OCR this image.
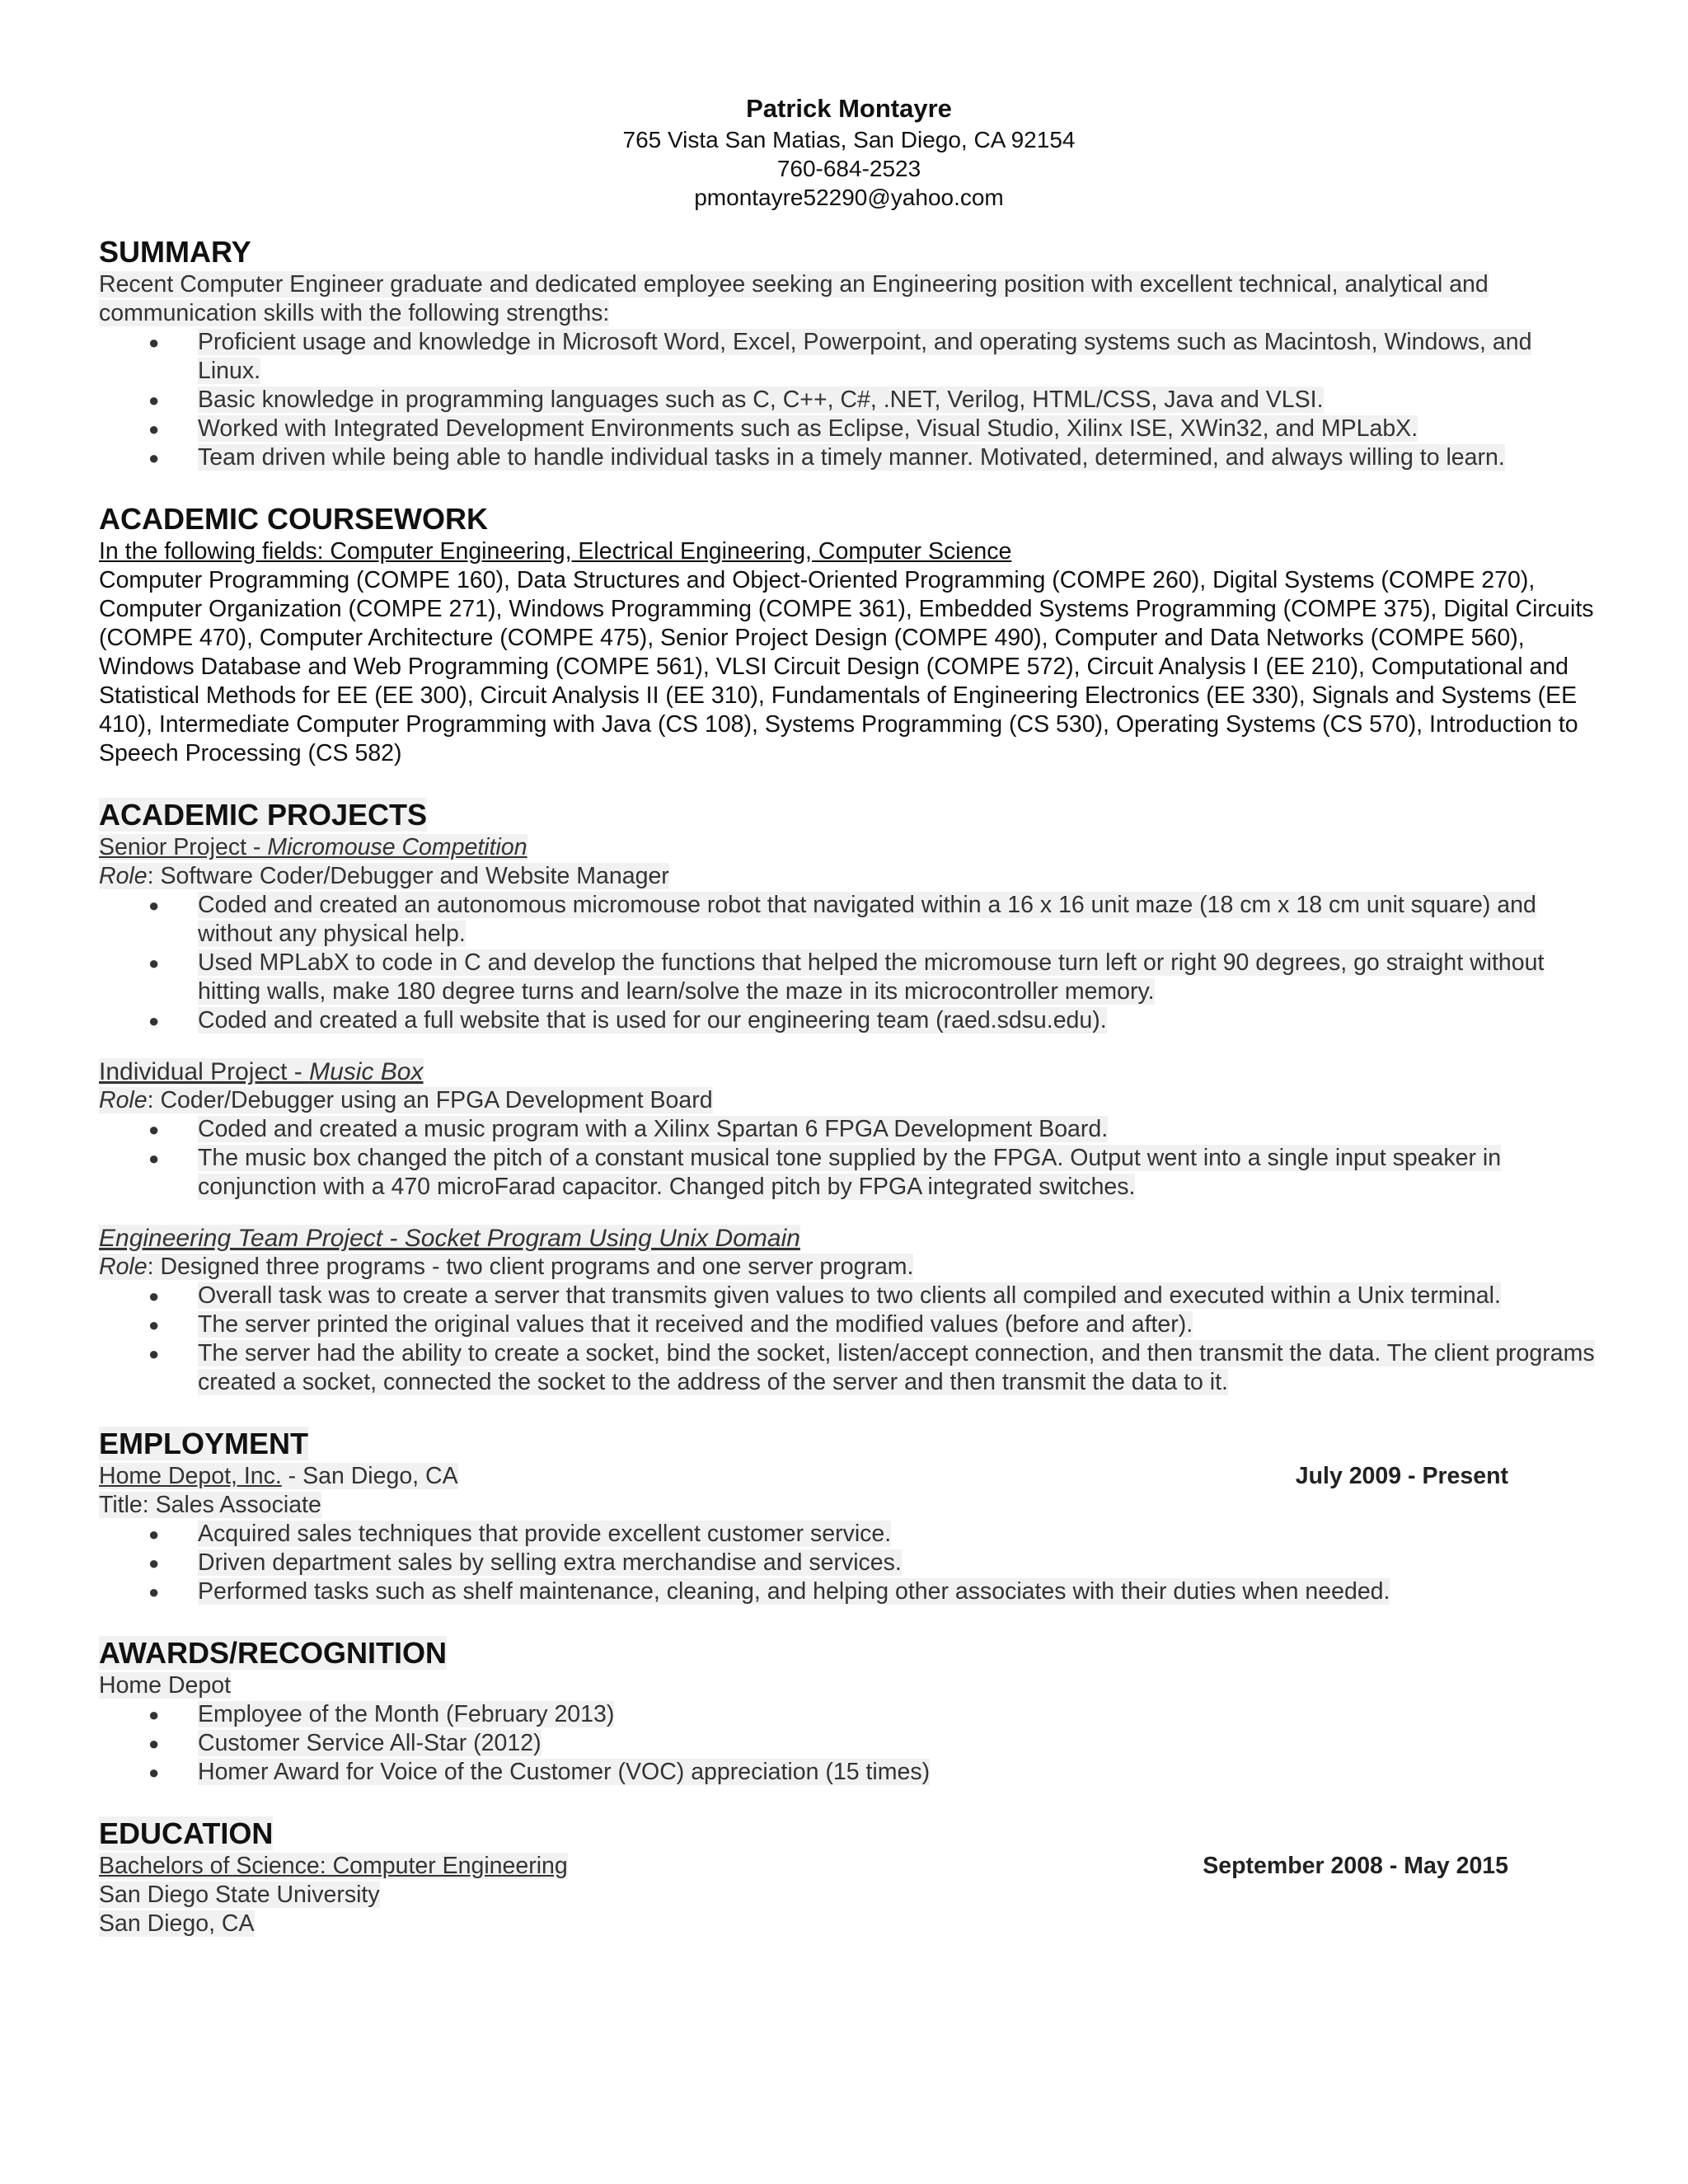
Patrick Montayre
765 Vista San Matias, San Diego, CA 92154
760-684-2523
pmontayre52290@yahoo.com
SUMMARY
Recent Computer Engineer graduate and dedicated employee seeking an Engineering position with excellent technical, analytical and communication skills with the following strengths:
● Proficient usage and knowledge in Microsoft Word, Excel, Powerpoint, and operating systems such as Macintosh, Windows, and Linux.
● Basic knowledge in programming languages such as C, C++, C#, .NET, Verilog, HTML/CSS, Java and VLSI.
● Worked with Integrated Development Environments such as Eclipse, Visual Studio, Xilinx ISE, XWin32, and MPLabX.
● Team driven while being able to handle individual tasks in a timely manner. Motivated, determined, and always willing to learn.
ACADEMIC COURSEWORK
In the following fields: Computer Engineering, Electrical Engineering, Computer Science
Computer Programming (COMPE 160), Data Structures and Object-Oriented Programming (COMPE 260), Digital Systems (COMPE 270), Computer Organization (COMPE 271), Windows Programming (COMPE 361), Embedded Systems Programming (COMPE 375), Digital Circuits (COMPE 470), Computer Architecture (COMPE 475), Senior Project Design (COMPE 490), Computer and Data Networks (COMPE 560), Windows Database and Web Programming (COMPE 561), VLSI Circuit Design (COMPE 572), Circuit Analysis I (EE 210), Computational and Statistical Methods for EE (EE 300), Circuit Analysis II (EE 310), Fundamentals of Engineering Electronics (EE 330), Signals and Systems (EE 410), Intermediate Computer Programming with Java (CS 108), Systems Programming (CS 530), Operating Systems (CS 570), Introduction to Speech Processing (CS 582)
ACADEMIC PROJECTS
Senior Project - Micromouse Competition
Role: Software Coder/Debugger and Website Manager
● Coded and created an autonomous micromouse robot that navigated within a 16 x 16 unit maze (18 cm x 18 cm unit square) and without any physical help.
● Used MPLabX to code in C and develop the functions that helped the micromouse turn left or right 90 degrees, go straight without hitting walls, make 180 degree turns and learn/solve the maze in its microcontroller memory.
● Coded and created a full website that is used for our engineering team (raed.sdsu.edu).
Individual Project - Music Box
Role: Coder/Debugger using an FPGA Development Board
● Coded and created a music program with a Xilinx Spartan 6 FPGA Development Board.
● The music box changed the pitch of a constant musical tone supplied by the FPGA. Output went into a single input speaker in conjunction with a 470 microFarad capacitor. Changed pitch by FPGA integrated switches.
Engineering Team Project - Socket Program Using Unix Domain
Role: Designed three programs - two client programs and one server program.
● Overall task was to create a server that transmits given values to two clients all compiled and executed within a Unix terminal.
● The server printed the original values that it received and the modified values (before and after).
● The server had the ability to create a socket, bind the socket, listen/accept connection, and then transmit the data. The client programs created a socket, connected the socket to the address of the server and then transmit the data to it.
EMPLOYMENT
Home Depot, Inc. - San Diego, CA	July 2009 - Present
Title: Sales Associate
● Acquired sales techniques that provide excellent customer service.
● Driven department sales by selling extra merchandise and services.
● Performed tasks such as shelf maintenance, cleaning, and helping other associates with their duties when needed.
AWARDS/RECOGNITION
Home Depot
● Employee of the Month (February 2013)
● Customer Service All-Star (2012)
● Homer Award for Voice of the Customer (VOC) appreciation (15 times)
EDUCATION
Bachelors of Science: Computer Engineering	September 2008 - May 2015
San Diego State University
San Diego, CA
